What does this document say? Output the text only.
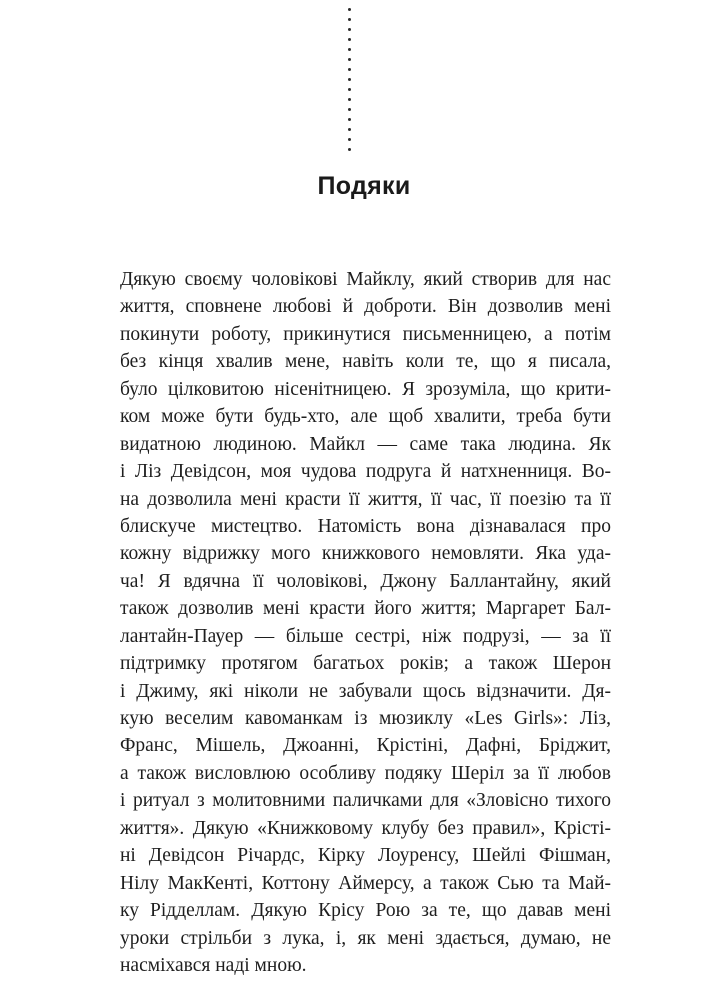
Подяки
Дякую своєму чоловікові Майклу, який створив для нас
життя, сповнене любові й доброти. Він дозволив мені
покинути роботу, прикинутися письменницею, а потім
без кінця хвалив мене, навіть коли те, що я писала,
було цілковитою нісенітницею. Я зрозуміла, що крити-
ком може бути будь-хто, але щоб хвалити, треба бути
видатною людиною. Майкл — саме така людина. Як
і Ліз Девідсон, моя чудова подруга й натхненниця. Во-
на дозволила мені красти її життя, її час, її поезію та її
блискуче мистецтво. Натомість вона дізнавалася про
кожну відрижку мого книжкового немовляти. Яка уда-
ча! Я вдячна її чоловікові, Джону Баллантайну, який
також дозволив мені красти його життя; Маргарет Бал-
лантайн-Пауер — більше сестрі, ніж подрузі, — за її
підтримку протягом багатьох років; а також Шерон
і Джиму, які ніколи не забували щось відзначити. Дя-
кую веселим кавоманкам із мюзиклу «Les Girls»: Ліз,
Франс, Мішель, Джоанні, Крістіні, Дафні, Бріджит,
а також висловлюю особливу подяку Шеріл за її любов
і ритуал з молитовними паличками для «Зловісно тихого
життя». Дякую «Книжковому клубу без правил», Крісті-
ні Девідсон Річардс, Кірку Лоуренсу, Шейлі Фішман,
Нілу МакКенті, Коттону Аймерсу, а також Сью та Май-
ку Рідделлам. Дякую Крісу Рою за те, що давав мені
уроки стрільби з лука, і, як мені здається, думаю, не
насміхався наді мною.
